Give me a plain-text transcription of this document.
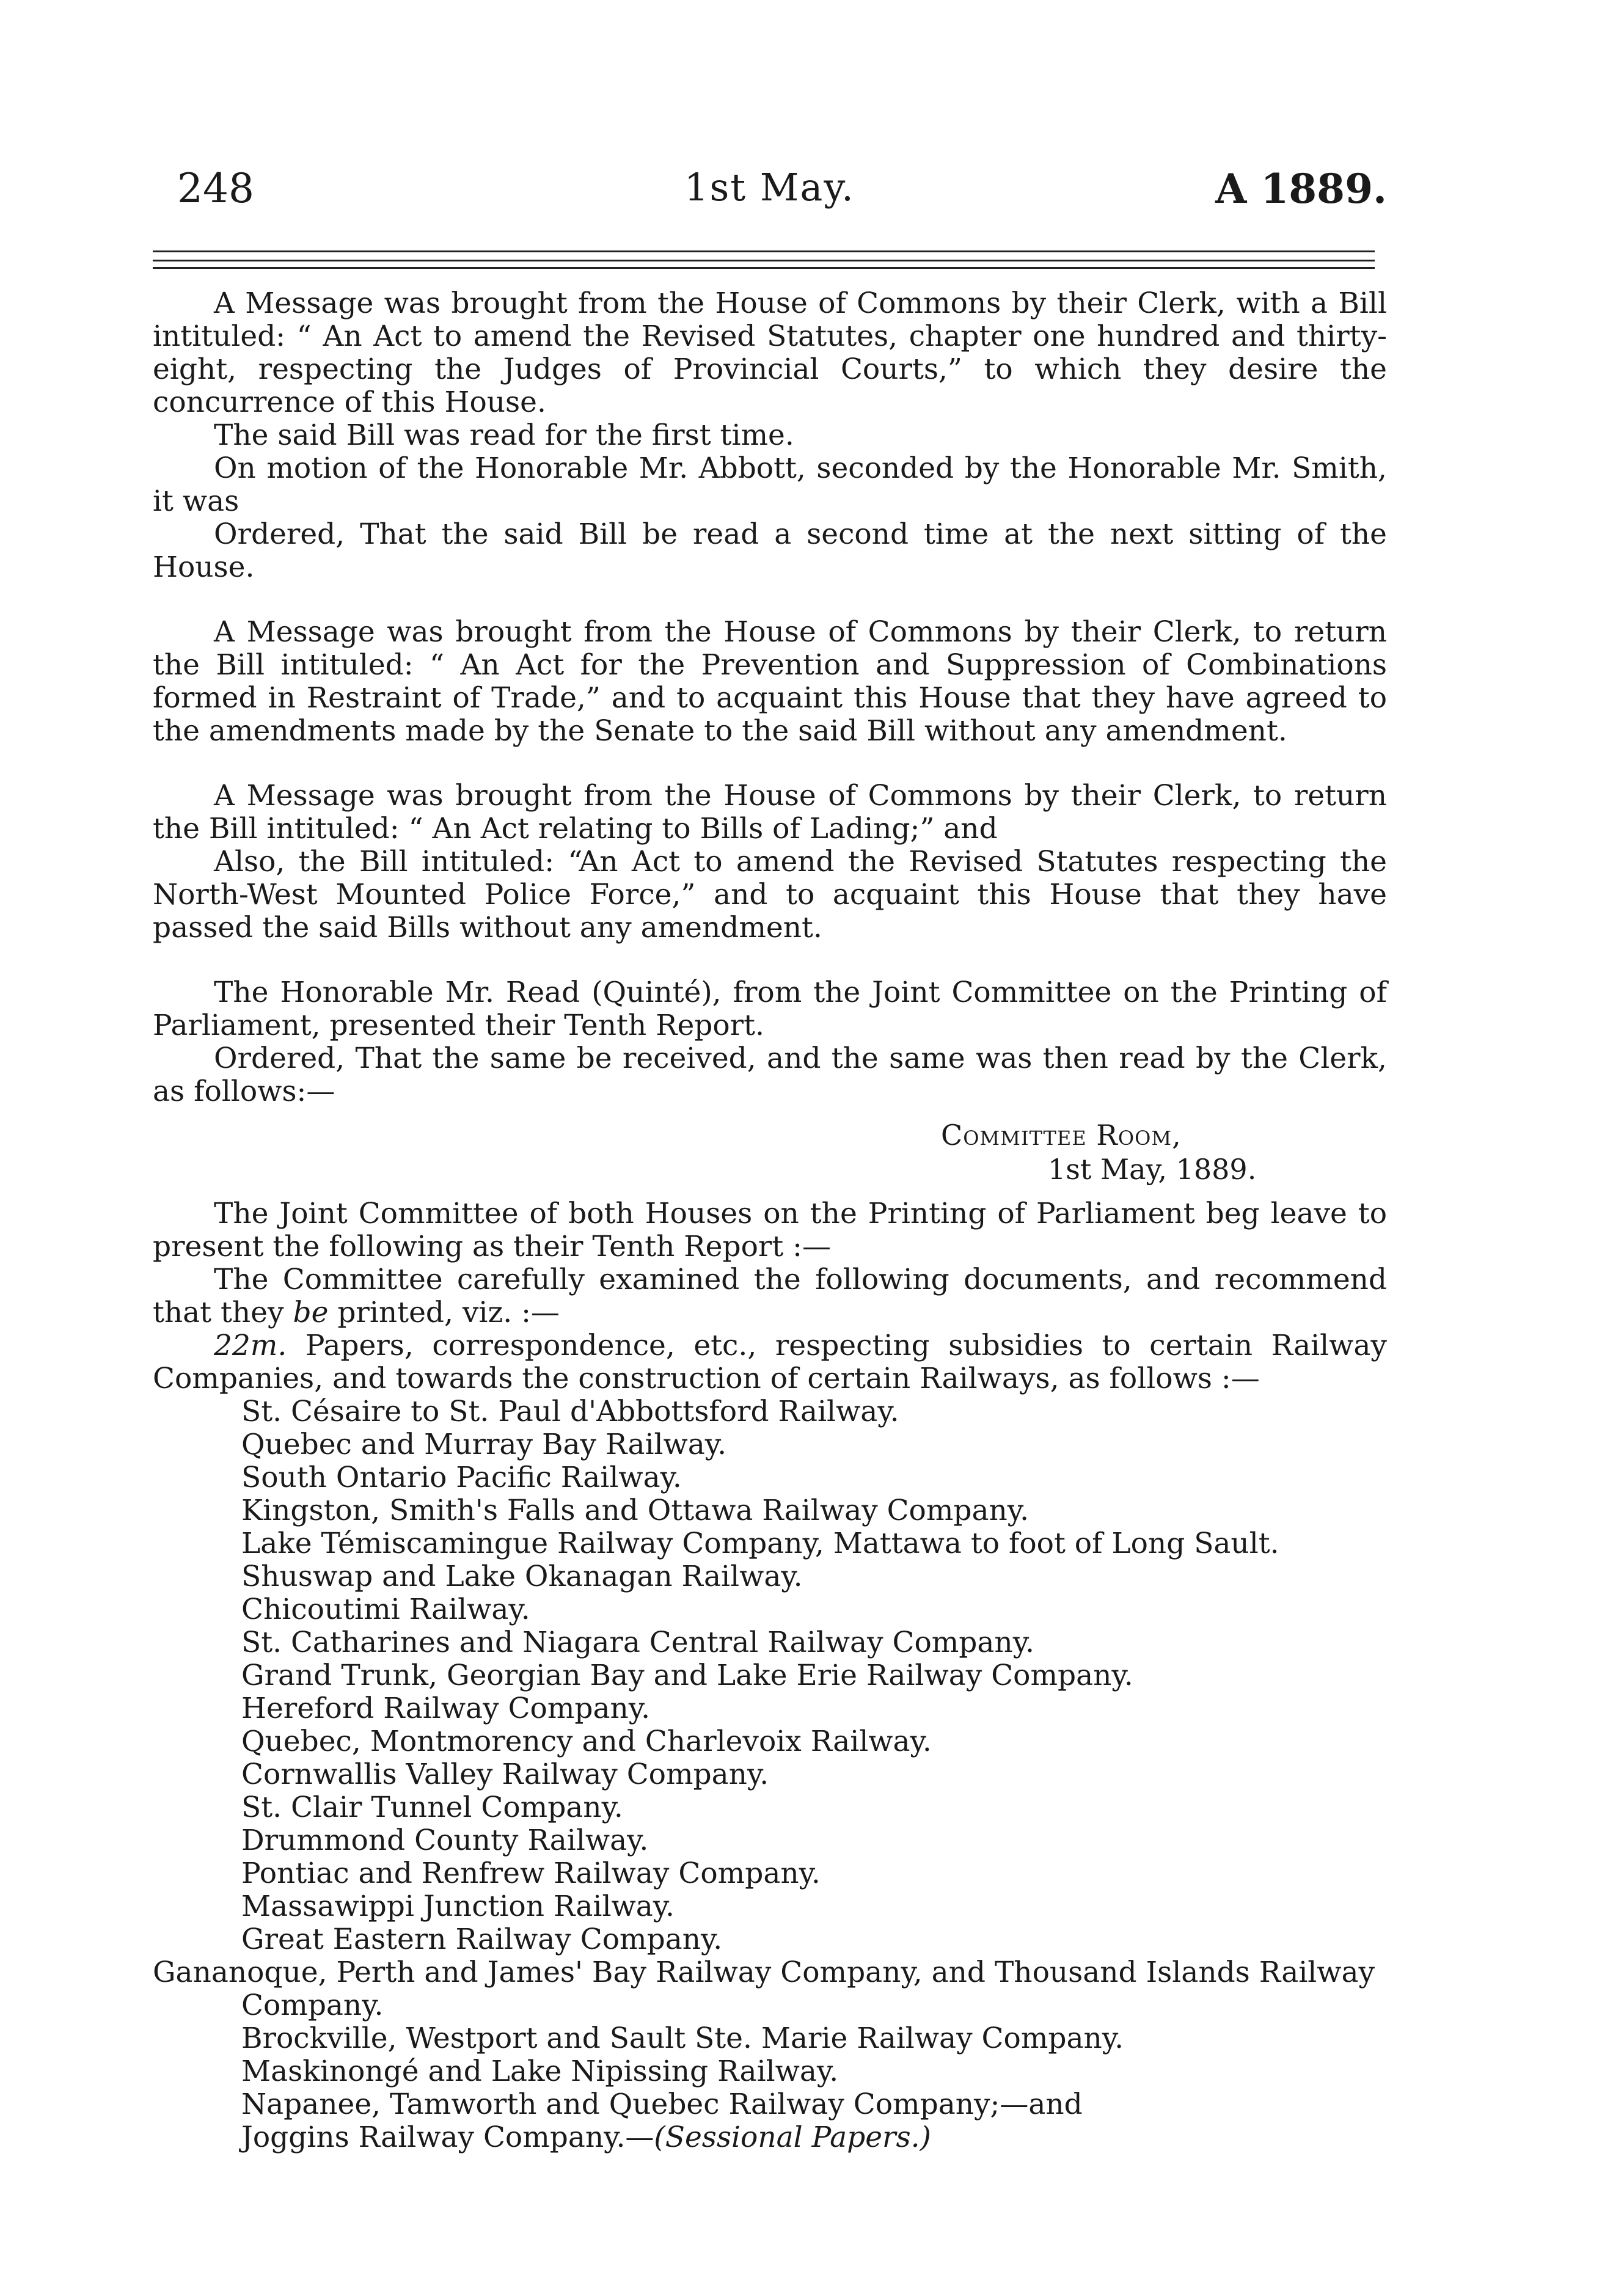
248	1st May.	A 1889.

A Message was brought from the House of Commons by their Clerk, with a Bill intituled: “ An Act to amend the Revised Statutes, chapter one hundred and thirty-eight, respecting the Judges of Provincial Courts,” to which they desire the concurrence of this House.

The said Bill was read for the first time.

On motion of the Honorable Mr. Abbott, seconded by the Honorable Mr. Smith, it was

Ordered, That the said Bill be read a second time at the next sitting of the House.

A Message was brought from the House of Commons by their Clerk, to return the Bill intituled: “ An Act for the Prevention and Suppression of Combinations formed in Restraint of Trade,” and to acquaint this House that they have agreed to the amendments made by the Senate to the said Bill without any amendment.

A Message was brought from the House of Commons by their Clerk, to return the Bill intituled: “ An Act relating to Bills of Lading;” and

Also, the Bill intituled: “An Act to amend the Revised Statutes respecting the North-West Mounted Police Force,” and to acquaint this House that they have passed the said Bills without any amendment.

The Honorable Mr. Read (Quinté), from the Joint Committee on the Printing of Parliament, presented their Tenth Report.

Ordered, That the same be received, and the same was then read by the Clerk, as follows:—

Committee Room,
1st May, 1889.

The Joint Committee of both Houses on the Printing of Parliament beg leave to present the following as their Tenth Report :—

The Committee carefully examined the following documents, and recommend that they be printed, viz. :—

22m. Papers, correspondence, etc., respecting subsidies to certain Railway Companies, and towards the construction of certain Railways, as follows :—

St. Césaire to St. Paul d'Abbottsford Railway.
Quebec and Murray Bay Railway.
South Ontario Pacific Railway.
Kingston, Smith's Falls and Ottawa Railway Company.
Lake Témiscamingue Railway Company, Mattawa to foot of Long Sault.
Shuswap and Lake Okanagan Railway.
Chicoutimi Railway.
St. Catharines and Niagara Central Railway Company.
Grand Trunk, Georgian Bay and Lake Erie Railway Company.
Hereford Railway Company.
Quebec, Montmorency and Charlevoix Railway.
Cornwallis Valley Railway Company.
St. Clair Tunnel Company.
Drummond County Railway.
Pontiac and Renfrew Railway Company.
Massawippi Junction Railway.
Great Eastern Railway Company.
Gananoque, Perth and James' Bay Railway Company, and Thousand Islands Railway Company.
Brockville, Westport and Sault Ste. Marie Railway Company.
Maskinongé and Lake Nipissing Railway.
Napanee, Tamworth and Quebec Railway Company;—and
Joggins Railway Company.—(Sessional Papers.)
